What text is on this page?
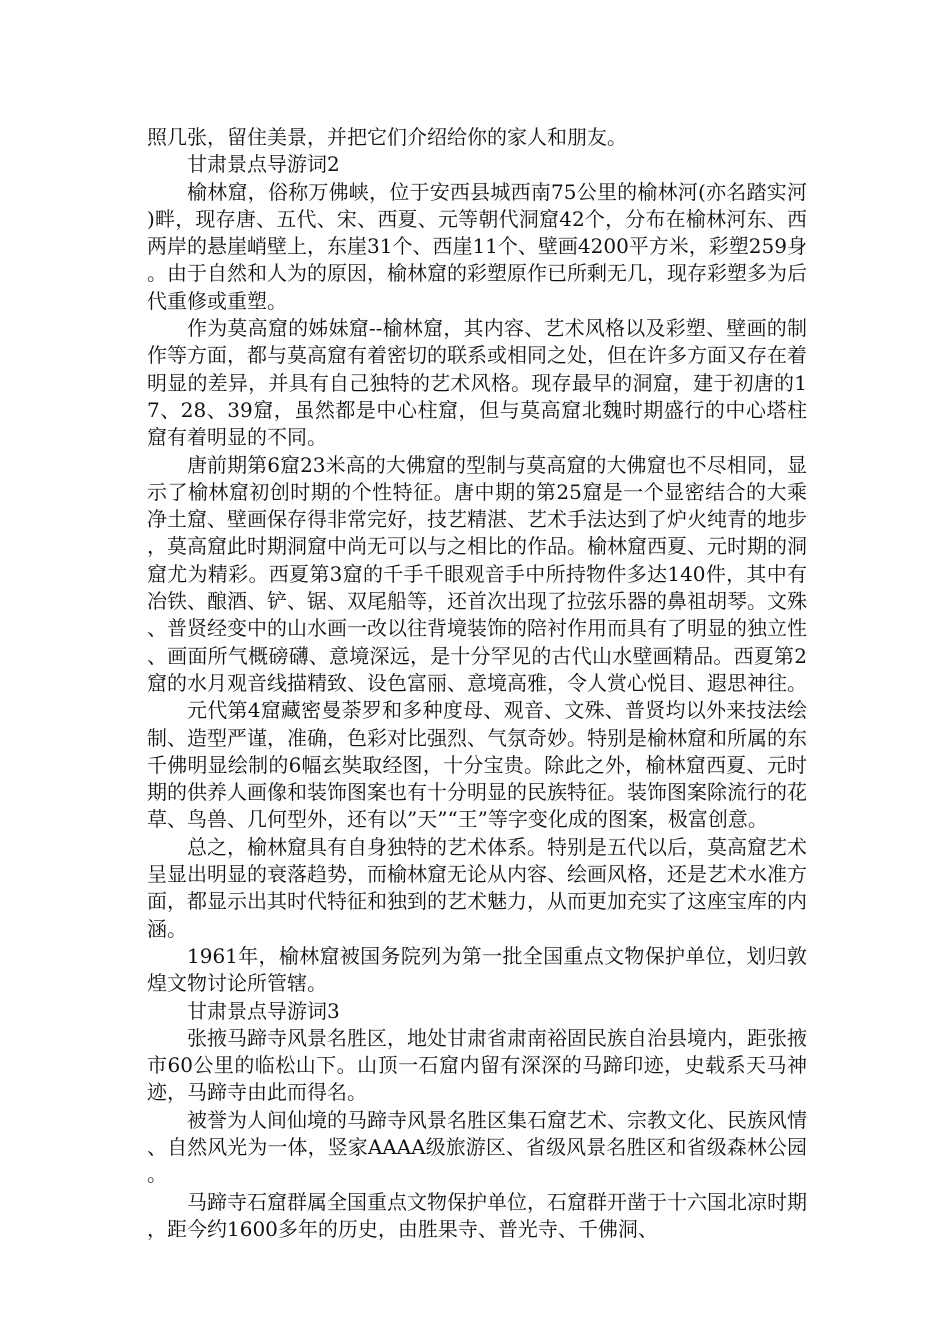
照几张，留住美景，并把它们介绍给你的家人和朋友。

甘肃景点导游词2

榆林窟，俗称万佛峡，位于安西县城西南75公里的榆林河(亦名踏实河)畔，现存唐、五代、宋、西夏、元等朝代洞窟42个，分布在榆林河东、西两岸的悬崖峭壁上，东崖31个、西崖11个、壁画4200平方米，彩塑259身。由于自然和人为的原因，榆林窟的彩塑原作已所剩无几，现存彩塑多为后代重修或重塑。

作为莫高窟的姊妹窟--榆林窟，其内容、艺术风格以及彩塑、壁画的制作等方面，都与莫高窟有着密切的联系或相同之处，但在许多方面又存在着明显的差异，并具有自己独特的艺术风格。现存最早的洞窟，建于初唐的17、28、39窟，虽然都是中心柱窟，但与莫高窟北魏时期盛行的中心塔柱窟有着明显的不同。

唐前期第6窟23米高的大佛窟的型制与莫高窟的大佛窟也不尽相同，显示了榆林窟初创时期的个性特征。唐中期的第25窟是一个显密结合的大乘净土窟、壁画保存得非常完好，技艺精湛、艺术手法达到了炉火纯青的地步，莫高窟此时期洞窟中尚无可以与之相比的作品。榆林窟西夏、元时期的洞窟尤为精彩。西夏第3窟的千手千眼观音手中所持物件多达140件，其中有冶铁、酿酒、铲、锯、双尾船等，还首次出现了拉弦乐器的鼻祖胡琴。文殊、普贤经变中的山水画一改以往背境装饰的陪衬作用而具有了明显的独立性、画面所气概磅礴、意境深远，是十分罕见的古代山水壁画精品。西夏第2窟的水月观音线描精致、设色富丽、意境高雅，令人赏心悦目、遐思神往。

元代第4窟藏密曼荼罗和多种度母、观音、文殊、普贤均以外来技法绘制、造型严谨，准确，色彩对比强烈、气氛奇妙。特别是榆林窟和所属的东千佛明显绘制的6幅玄奘取经图，十分宝贵。除此之外，榆林窟西夏、元时期的供养人画像和装饰图案也有十分明显的民族特征。装饰图案除流行的花草、鸟兽、几何型外，还有以”天”“王”等字变化成的图案，极富创意。

总之，榆林窟具有自身独特的艺术体系。特别是五代以后，莫高窟艺术呈显出明显的衰落趋势，而榆林窟无论从内容、绘画风格，还是艺术水准方面，都显示出其时代特征和独到的艺术魅力，从而更加充实了这座宝库的内涵。

1961年，榆林窟被国务院列为第一批全国重点文物保护单位，划归敦煌文物讨论所管辖。

甘肃景点导游词3

张掖马蹄寺风景名胜区，地处甘肃省肃南裕固民族自治县境内，距张掖市60公里的临松山下。山顶一石窟内留有深深的马蹄印迹，史载系天马神迹，马蹄寺由此而得名。

被誉为人间仙境的马蹄寺风景名胜区集石窟艺术、宗教文化、民族风情、自然风光为一体，竖家AAAA级旅游区、省级风景名胜区和省级森林公园。

马蹄寺石窟群属全国重点文物保护单位，石窟群开凿于十六国北凉时期，距今约1600多年的历史，由胜果寺、普光寺、千佛洞、
